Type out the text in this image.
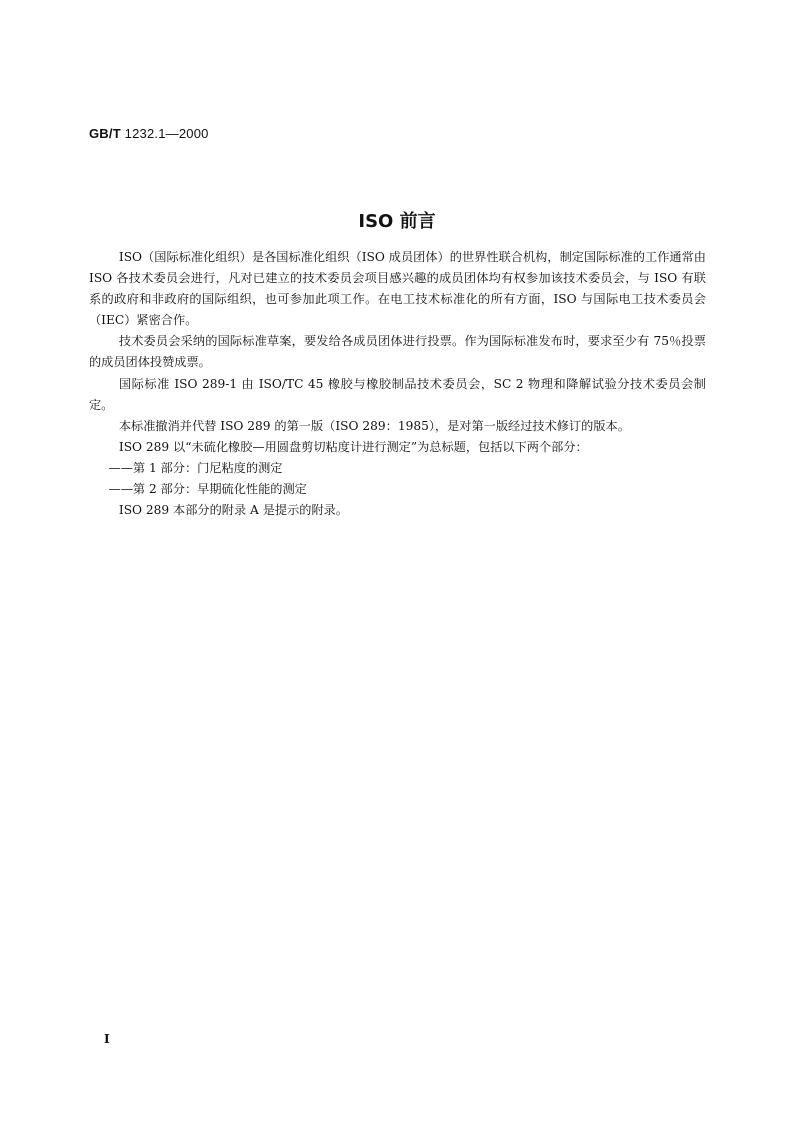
GB/T 1232.1—2000
ISO 前言

ISO（国际标准化组织）是各国标准化组织（ISO 成员团体）的世界性联合机构，制定国际标准的工作通常由 ISO 各技术委员会进行，凡对已建立的技术委员会项目感兴趣的成员团体均有权参加该技术委员会，与 ISO 有联系的政府和非政府的国际组织，也可参加此项工作。在电工技术标准化的所有方面，ISO 与国际电工技术委员会（IEC）紧密合作。

技术委员会采纳的国际标准草案，要发给各成员团体进行投票。作为国际标准发布时，要求至少有 75％投票的成员团体投赞成票。

国际标准 ISO 289-1 由 ISO/TC 45 橡胶与橡胶制品技术委员会，SC 2 物理和降解试验分技术委员会制定。

本标准撤消并代替 ISO 289 的第一版（ISO 289：1985），是对第一版经过技术修订的版本。

ISO 289 以“未硫化橡胶—用圆盘剪切粘度计进行测定”为总标题，包括以下两个部分：

——第 1 部分：门尼粘度的测定

——第 2 部分：早期硫化性能的测定

ISO 289 本部分的附录 A 是提示的附录。

I
